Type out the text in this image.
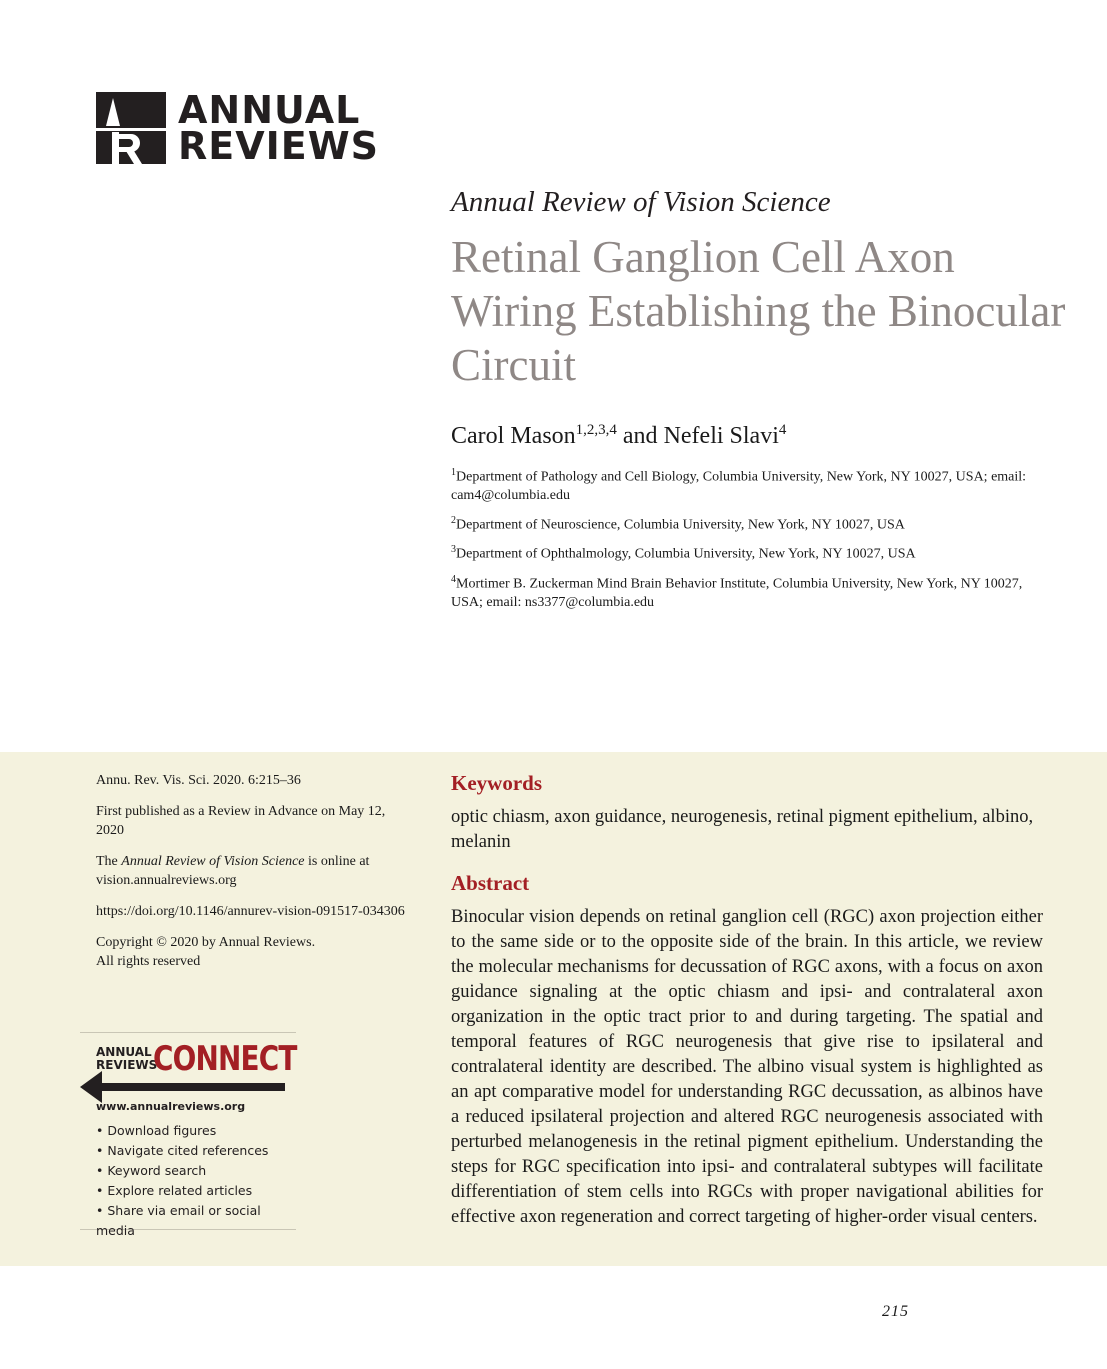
ANNUAL
REVIEWS
Annual Review of Vision Science
Retinal Ganglion Cell Axon Wiring Establishing the Binocular Circuit
Carol Mason$^{1,2,3,4}$ and Nefeli Slavi$^4$
$^1$Department of Pathology and Cell Biology, Columbia University, New York, NY 10027, USA; email: cam4@columbia.edu
$^2$Department of Neuroscience, Columbia University, New York, NY 10027, USA
$^3$Department of Ophthalmology, Columbia University, New York, NY 10027, USA
$^4$Mortimer B. Zuckerman Mind Brain Behavior Institute, Columbia University, New York, NY 10027, USA; email: ns3377@columbia.edu

Annu. Rev. Vis. Sci. 2020. 6:215–36

First published as a Review in Advance on May 12, 2020

The Annual Review of Vision Science is online at vision.annualreviews.org

https://doi.org/10.1146/annurev-vision-091517-034306

Copyright © 2020 by Annual Reviews.
All rights reserved

ANNUAL
REVIEWS
CONNECT
www.annualreviews.org
• Download figures
• Navigate cited references
• Keyword search
• Explore related articles
• Share via email or social media
Keywords
optic chiasm, axon guidance, neurogenesis, retinal pigment epithelium, albino, melanin
Abstract

Binocular vision depends on retinal ganglion cell (RGC) axon projection either to the same side or to the opposite side of the brain. In this article, we review the molecular mechanisms for decussation of RGC axons, with a focus on axon guidance signaling at the optic chiasm and ipsi- and contralateral axon organization in the optic tract prior to and during targeting. The spatial and temporal features of RGC neurogenesis that give rise to ipsilateral and contralateral identity are described. The albino visual system is highlighted as an apt comparative model for understanding RGC decussation, as albinos have a reduced ipsilateral projection and altered RGC neurogenesis associated with perturbed melanogenesis in the retinal pigment epithelium. Understanding the steps for RGC specification into ipsi- and contralateral subtypes will facilitate differentiation of stem cells into RGCs with proper navigational abilities for effective axon regeneration and correct targeting of higher-order visual centers.

215
